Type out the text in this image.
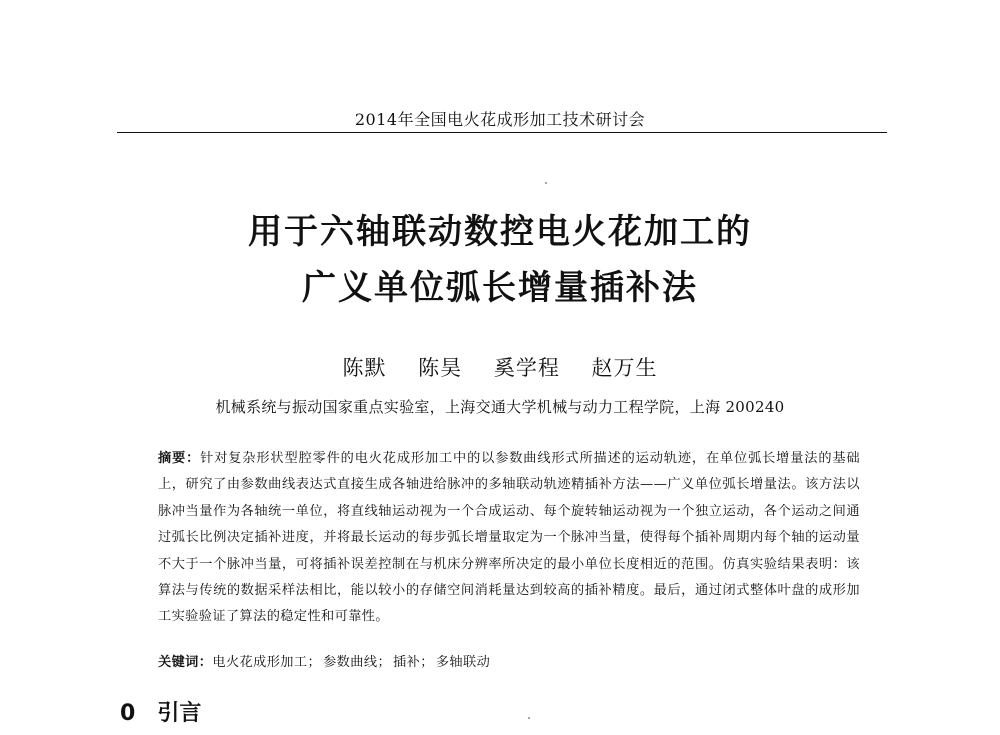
2014年全国电火花成形加工技术研讨会
用于六轴联动数控电火花加工的
广义单位弧长增量插补法
陈默 陈昊 奚学程 赵万生
机械系统与振动国家重点实验室，上海交通大学机械与动力工程学院，上海 200240
摘要：针对复杂形状型腔零件的电火花成形加工中的以参数曲线形式所描述的运动轨迹，在单位弧长增量法的基础上，研究了由参数曲线表达式直接生成各轴进给脉冲的多轴联动轨迹精插补方法——广义单位弧长增量法。该方法以脉冲当量作为各轴统一单位，将直线轴运动视为一个合成运动、每个旋转轴运动视为一个独立运动，各个运动之间通过弧长比例决定插补进度，并将最长运动的每步弧长增量取定为一个脉冲当量，使得每个插补周期内每个轴的运动量不大于一个脉冲当量，可将插补误差控制在与机床分辨率所决定的最小单位长度相近的范围。仿真实验结果表明：该算法与传统的数据采样法相比，能以较小的存储空间消耗量达到较高的插补精度。最后，通过闭式整体叶盘的成形加工实验验证了算法的稳定性和可靠性。
关键词：电火花成形加工； 参数曲线； 插补； 多轴联动
0 引言
